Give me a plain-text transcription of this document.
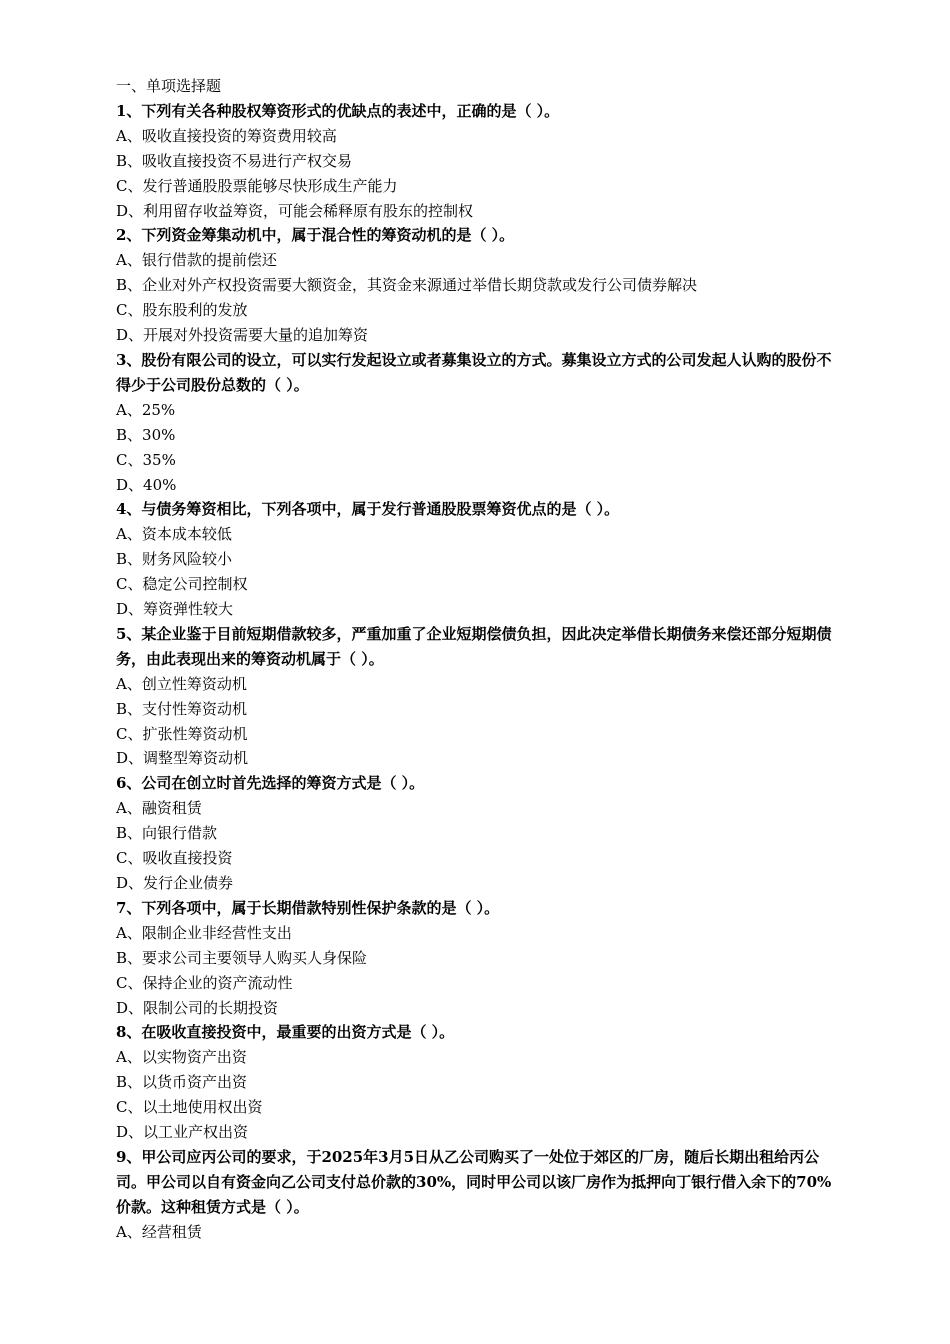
一、单项选择题
1、下列有关各种股权筹资形式的优缺点的表述中，正确的是（ ）。
A、吸收直接投资的筹资费用较高
B、吸收直接投资不易进行产权交易
C、发行普通股股票能够尽快形成生产能力
D、利用留存收益筹资，可能会稀释原有股东的控制权
2、下列资金筹集动机中，属于混合性的筹资动机的是（ ）。
A、银行借款的提前偿还
B、企业对外产权投资需要大额资金，其资金来源通过举借长期贷款或发行公司债券解决
C、股东股利的发放
D、开展对外投资需要大量的追加筹资
3、股份有限公司的设立，可以实行发起设立或者募集设立的方式。募集设立方式的公司发起人认购的股份不得少于公司股份总数的（ ）。
A、25%
B、30%
C、35%
D、40%
4、与债务筹资相比，下列各项中，属于发行普通股股票筹资优点的是（ ）。
A、资本成本较低
B、财务风险较小
C、稳定公司控制权
D、筹资弹性较大
5、某企业鉴于目前短期借款较多，严重加重了企业短期偿债负担，因此决定举借长期债务来偿还部分短期债务，由此表现出来的筹资动机属于（ ）。
A、创立性筹资动机
B、支付性筹资动机
C、扩张性筹资动机
D、调整型筹资动机
6、公司在创立时首先选择的筹资方式是（ ）。
A、融资租赁
B、向银行借款
C、吸收直接投资
D、发行企业债券
7、下列各项中，属于长期借款特别性保护条款的是（ ）。
A、限制企业非经营性支出
B、要求公司主要领导人购买人身保险
C、保持企业的资产流动性
D、限制公司的长期投资
8、在吸收直接投资中，最重要的出资方式是（ ）。
A、以实物资产出资
B、以货币资产出资
C、以土地使用权出资
D、以工业产权出资
9、甲公司应丙公司的要求，于2025年3月5日从乙公司购买了一处位于郊区的厂房，随后长期出租给丙公司。甲公司以自有资金向乙公司支付总价款的30%，同时甲公司以该厂房作为抵押向丁银行借入余下的70%价款。这种租赁方式是（ ）。
A、经营租赁
